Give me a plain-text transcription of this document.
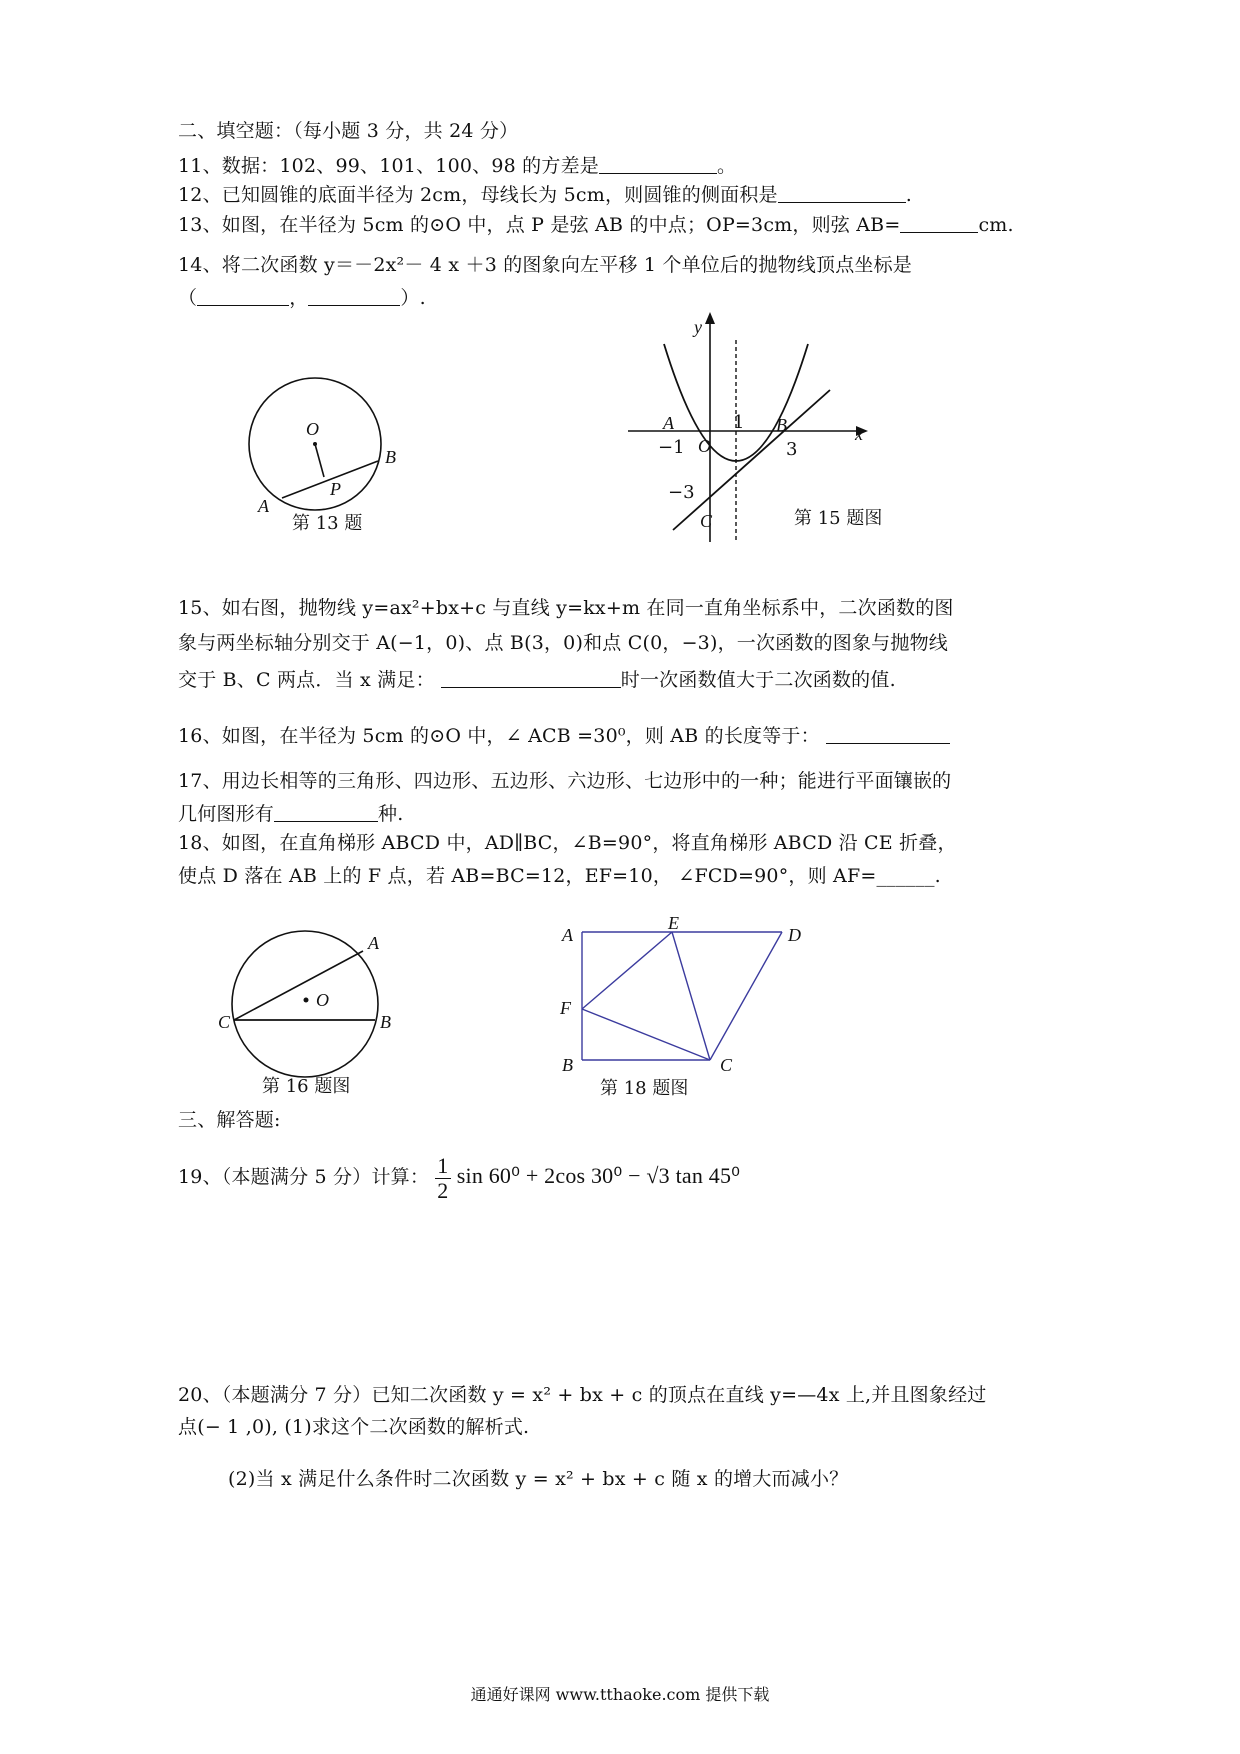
二、填空题：（每小题 3 分，共 24 分）
11、数据：102、99、101、100、98 的方差是	。
12、已知圆锥的底面半径为 2cm，母线长为 5cm，则圆锥的侧面积是	.
13、如图，在半径为 5cm 的⊙O 中，点 P 是弦 AB 的中点；OP=3cm，则弦 AB=	cm.
14、将二次函数 y＝－2x²－ 4 x ＋3 的图象向左平移 1 个单位后的抛物线顶点坐标是
（	，	）.
O
B
P
A
第 13 题
y
x
A	B
C
O
1
−1	3
−3
第 15 题图
15、如右图，抛物线 y=ax²+bx+c 与直线 y=kx+m 在同一直角坐标系中，二次函数的图
象与两坐标轴分别交于 A(−1，0)、点 B(3，0)和点 C(0，−3)，一次函数的图象与抛物线
交于 B、C 两点．当 x 满足：	时一次函数值大于二次函数的值.
16、如图，在半径为 5cm 的⊙O 中，∠ ACB =30⁰，则 AB 的长度等于：
17、用边长相等的三角形、四边形、五边形、六边形、七边形中的一种；能进行平面镶嵌的
几何图形有	种.
18、如图，在直角梯形 ABCD 中，AD∥BC，∠B=90°，将直角梯形 ABCD 沿 CE 折叠，
使点 D 落在 AB 上的 F 点，若 AB=BC=12，EF=10， ∠FCD=90°，则 AF=______.
A
O
B
C
第 16 题图
A
E
D
F
B	C
第 18 题图
三、解答题:
19、（本题满分 5 分）计算： $\frac{1}{2}$ sin 60⁰ + 2cos 30⁰ − √3 tan 45⁰
20、（本题满分 7 分）已知二次函数 y = x² + bx + c 的顶点在直线 y=—4x 上,并且图象经过
点(− 1 ,0), (1)求这个二次函数的解析式.
(2)当 x 满足什么条件时二次函数 y = x² + bx + c 随 x 的增大而减小？
通通好课网 www.tthaoke.com 提供下载
